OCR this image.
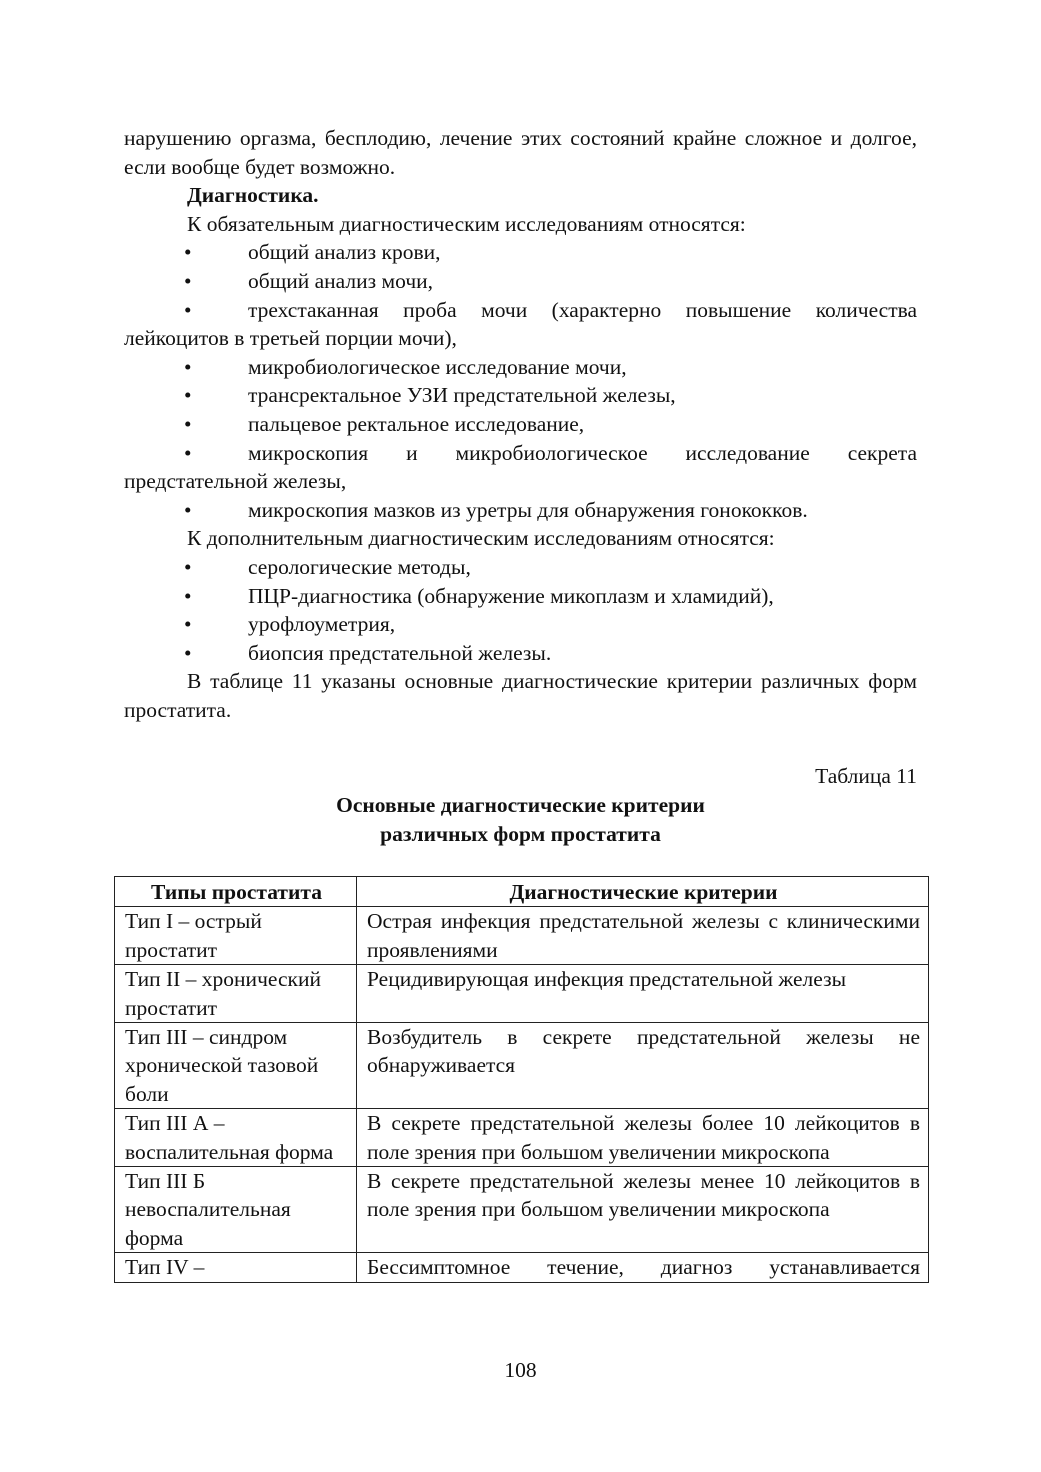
нарушению оргазма, бесплодию, лечение этих состояний крайне сложное и долгое, если вообще будет возможно.

Диагностика.

К обязательным диагностическим исследованиям относятся:

•	общий анализ крови,
•	общий анализ мочи,
•	трехстаканная проба мочи (характерно повышение количества лейкоцитов в третьей порции мочи),
•	микробиологическое исследование мочи,
•	трансректальное УЗИ предстательной железы,
•	пальцевое ректальное исследование,
•	микроскопия и микробиологическое исследование секрета предстательной железы,
•	микроскопия мазков из уретры для обнаружения гонококков.

К дополнительным диагностическим исследованиям относятся:

•	серологические методы,
•	ПЦР-диагностика (обнаружение микоплазм и хламидий),
•	урофлоуметрия,
•	биопсия предстательной железы.

В таблице 11 указаны основные диагностические критерии различных форм простатита.

Таблица 11

Основные диагностические критерии

различных форм простатита

Типы простатита	Диагностические критерии
Тип I – острый простатит	Острая инфекция предстательной железы с клиническими проявлениями
Тип II – хронический простатит	Рецидивирующая инфекция предстательной железы
Тип III – синдром хронической тазовой боли	Возбудитель в секрете предстательной железы не обнаруживается
Тип III А – воспалительная форма	В секрете предстательной железы более 10 лейкоцитов в поле зрения при большом увеличении микроскопа
Тип III Б невоспалительная форма	В секрете предстательной железы менее 10 лейкоцитов в поле зрения при большом увеличении микроскопа
Тип IV –	Бессимптомное течение, диагноз устанавливается
108
